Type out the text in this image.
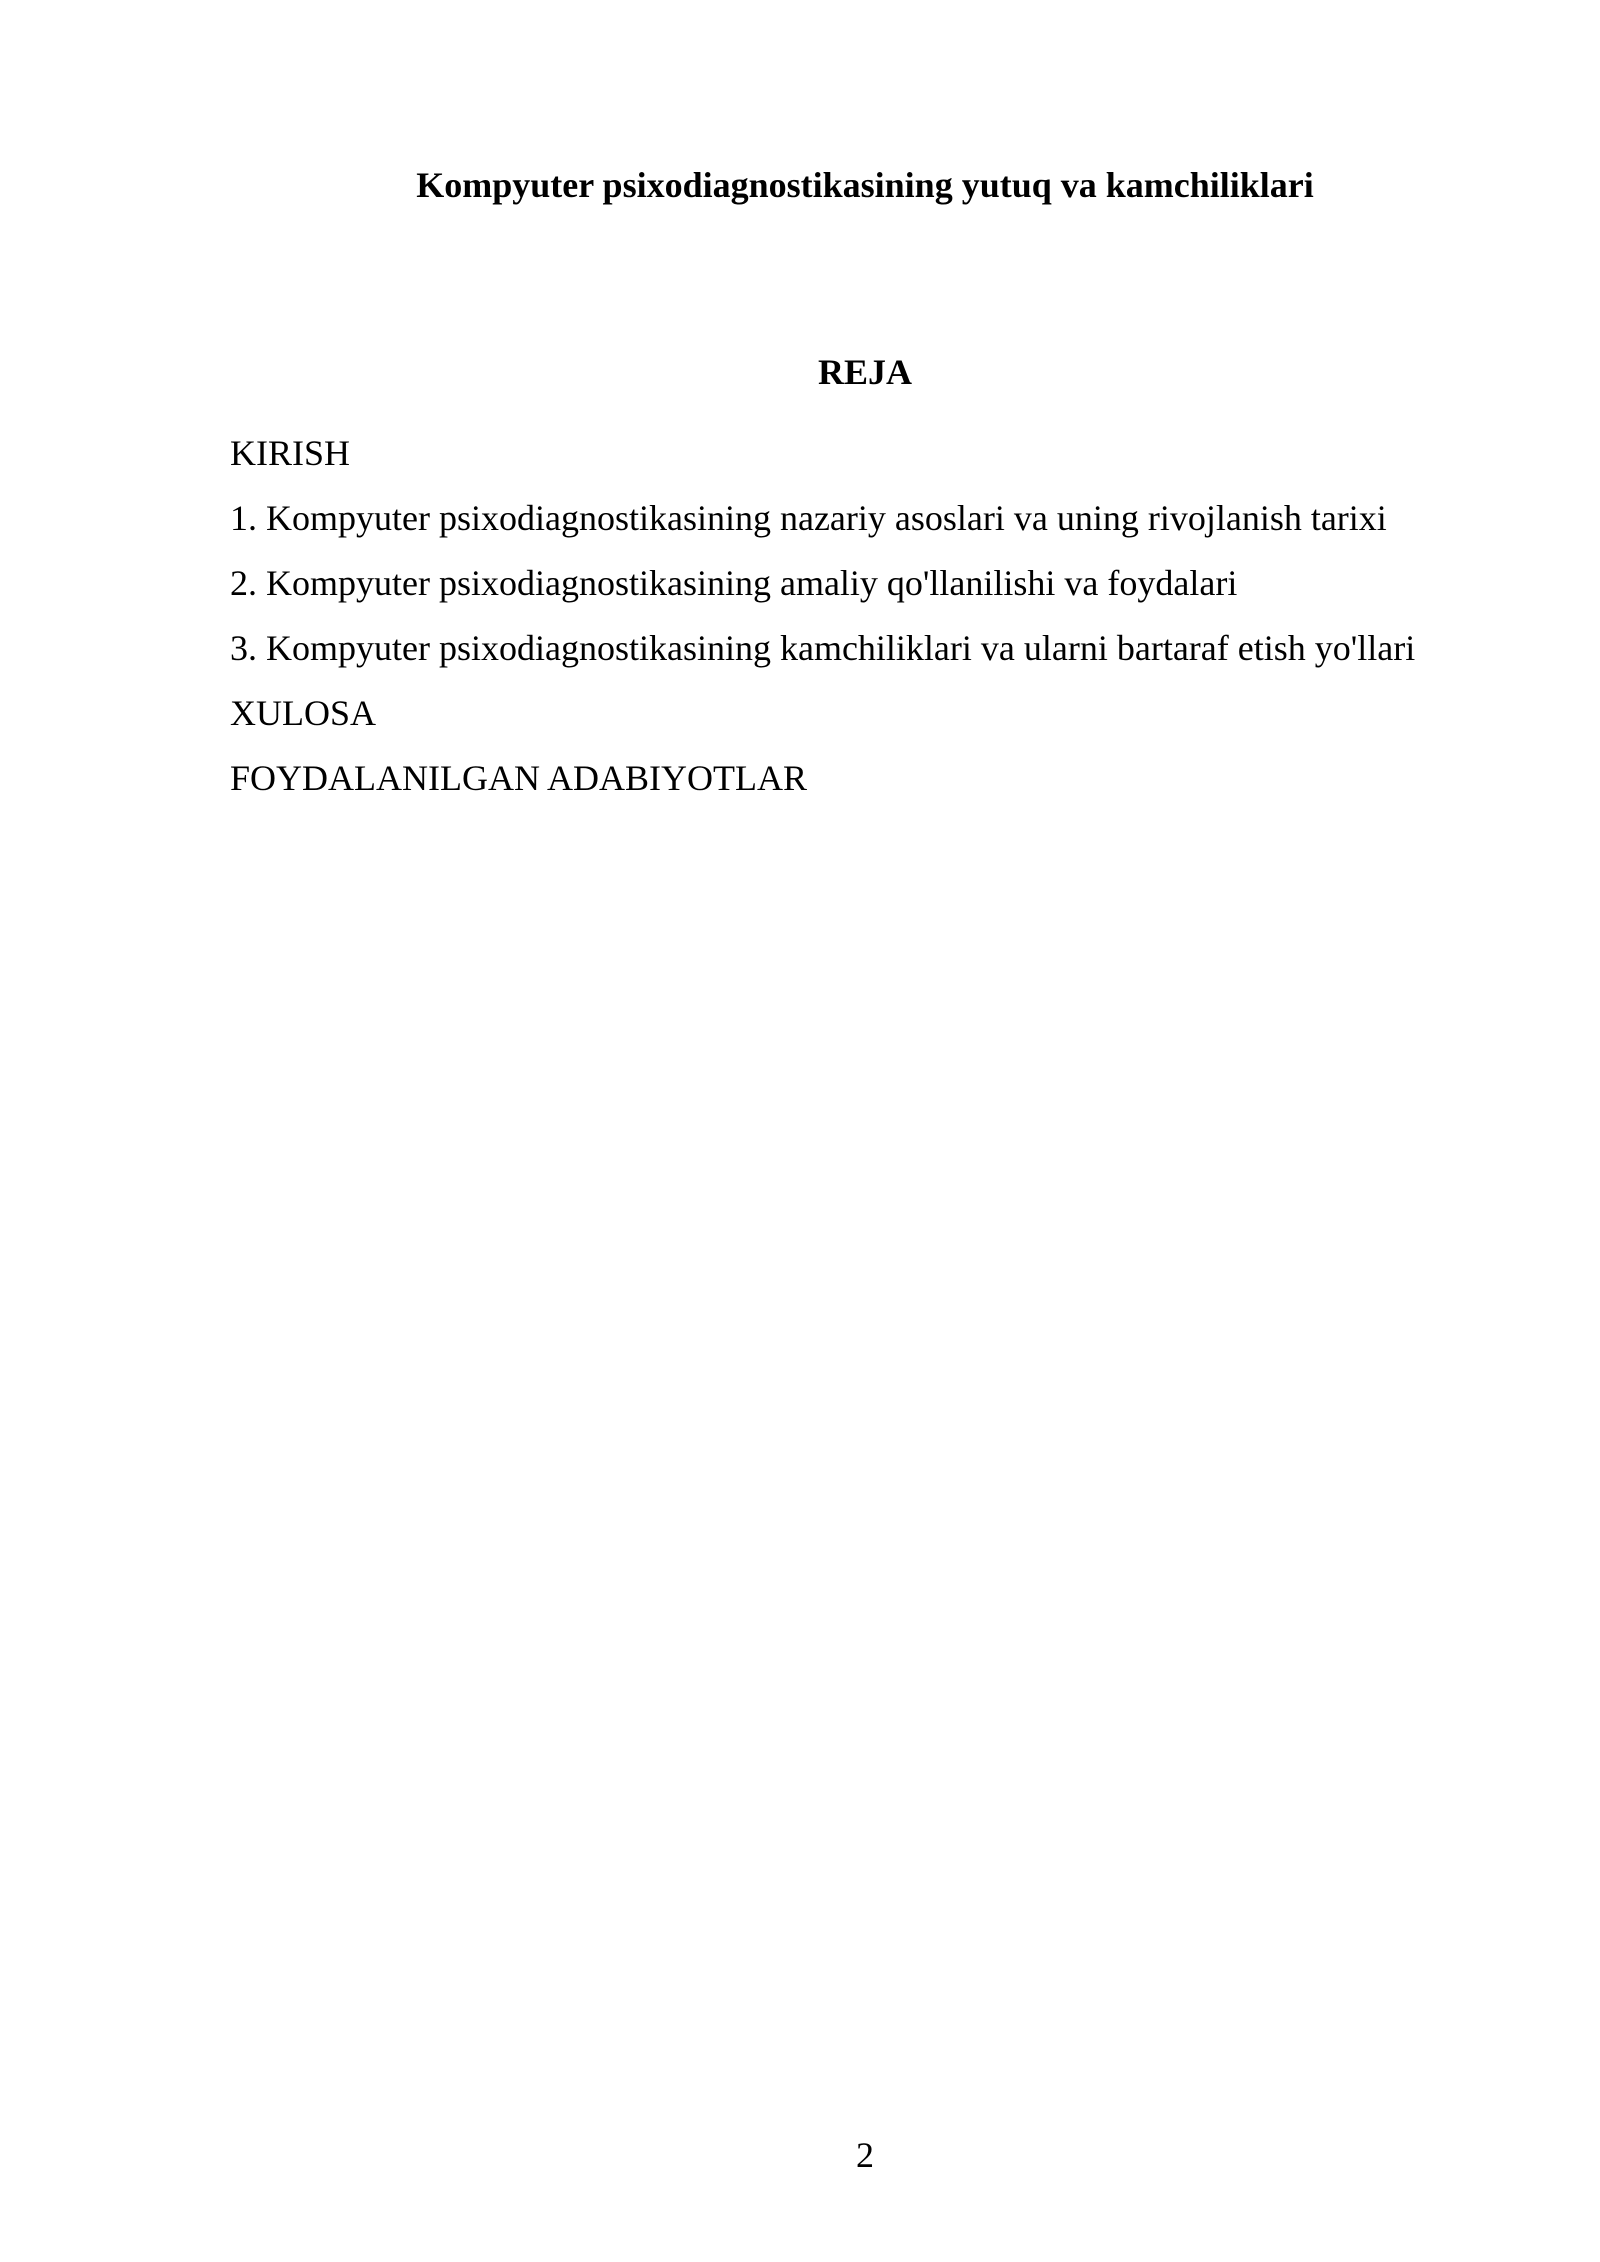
Kompyuter psixodiagnostikasining yutuq va kamchiliklari
REJA
KIRISH
1. Kompyuter psixodiagnostikasining nazariy asoslari va uning rivojlanish tarixi
2. Kompyuter psixodiagnostikasining amaliy qo'llanilishi va foydalari
3. Kompyuter psixodiagnostikasining kamchiliklari va ularni bartaraf etish yo'llari
XULOSA
FOYDALANILGAN ADABIYOTLAR
2
